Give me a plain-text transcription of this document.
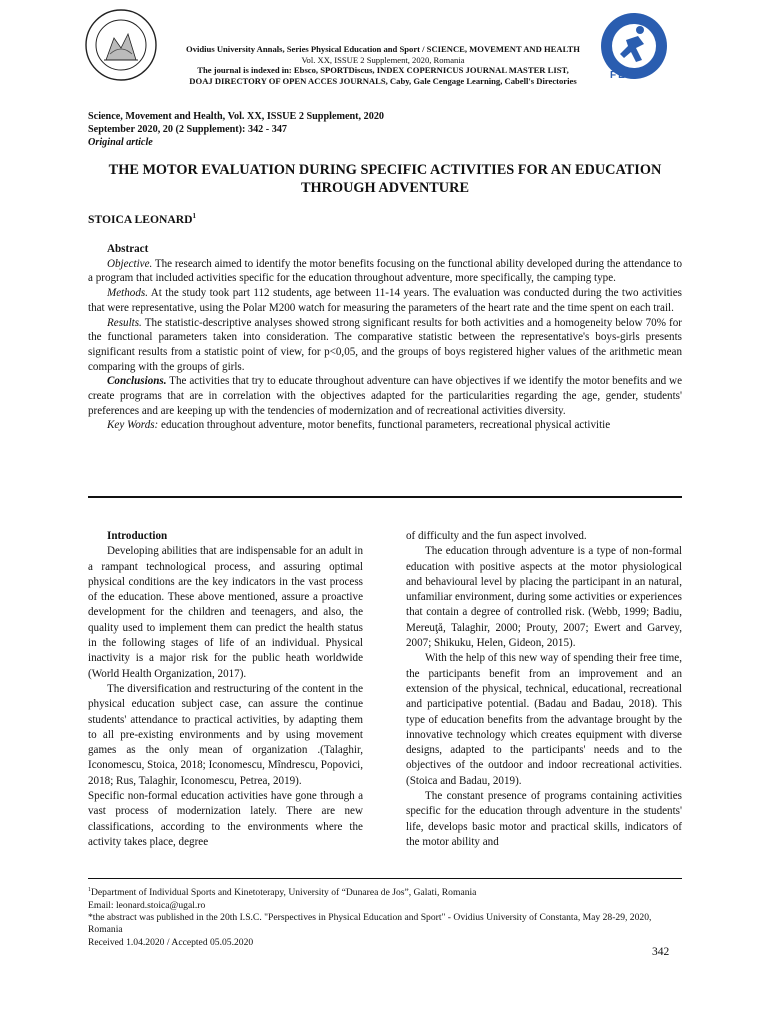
FEFS
Ovidius University Annals, Series Physical Education and Sport / SCIENCE, MOVEMENT AND HEALTH
Vol. XX, ISSUE 2 Supplement, 2020, Romania
The journal is indexed in: Ebsco, SPORTDiscus, INDEX COPERNICUS JOURNAL MASTER LIST,
DOAJ DIRECTORY OF OPEN ACCES JOURNALS, Caby, Gale Cengage Learning, Cabell's Directories
Science, Movement and Health, Vol. XX, ISSUE 2 Supplement, 2020
September 2020, 20 (2 Supplement): 342 - 347
Original article
THE MOTOR EVALUATION DURING SPECIFIC ACTIVITIES FOR AN EDUCATION
THROUGH ADVENTURE
STOICA LEONARD$^1$
Abstract

Objective. The research aimed to identify the motor benefits focusing on the functional ability developed during the attendance to a program that included activities specific for the education throughout adventure, more specifically, the camping type.

Methods. At the study took part 112 students, age between 11-14 years. The evaluation was conducted during the two activities that were representative, using the Polar M200 watch for measuring the parameters of the heart rate and the time spent on each trail.

Results. The statistic-descriptive analyses showed strong significant results for both activities and a homogeneity below 70% for the functional parameters taken into consideration. The comparative statistic between the representative's boys-girls presents significant results from a statistic point of view, for p<0,05, and the groups of boys registered higher values of the arithmetic mean comparing with the groups of girls.

Conclusions. The activities that try to educate throughout adventure can have objectives if we identify the motor benefits and we create programs that are in correlation with the objectives adapted for the particularities regarding the age, gender, students' preferences and are keeping up with the tendencies of modernization and of recreational activities diversity.

Key Words: education throughout adventure, motor benefits, functional parameters, recreational physical activitie

Introduction

Developing abilities that are indispensable for an adult in a rampant technological process, and assuring optimal physical conditions are the key indicators in the vast process of the education. These above mentioned, assure a proactive development for the children and teenagers, and also, the quality used to implement them can predict the health status in the following stages of life of an individual. Physical inactivity is a major risk for the public heath worldwide (World Health Organization, 2017).

The diversification and restructuring of the content in the physical education subject case, can assure the continue students' attendance to practical activities, by adapting them to all pre-existing environments and by using movement games as the only mean of organization .(Talaghir, Iconomescu, Stoica, 2018; Iconomescu, Mîndrescu, Popovici, 2018; Rus, Talaghir, Iconomescu, Petrea, 2019).

Specific non-formal education activities have gone through a vast process of modernization lately. There are new classifications, according to the environments where the activity takes place, degree

of difficulty and the fun aspect involved.

The education through adventure is a type of non-formal education with positive aspects at the motor physiological and behavioural level by placing the participant in an natural, unfamiliar environment, during some activities or experiences that contain a degree of controlled risk. (Webb, 1999; Badiu, Mereuţă, Talaghir, 2000; Prouty, 2007; Ewert and Garvey, 2007; Shikuku, Helen, Gideon, 2015).

With the help of this new way of spending their free time, the participants benefit from an improvement and an extension of the physical, technical, educational, recreational and participative potential. (Badau and Badau, 2018). This type of education benefits from the advantage brought by the innovative technology which creates equipment with diverse designs, adapted to the participants' needs and to the objectives of the outdoor and indoor recreational activities. (Stoica and Badau, 2019).

The constant presence of programs containing activities specific for the education through adventure in the students' life, develops basic motor and practical skills, indicators of the motor ability and

$^1$Department of Individual Sports and Kinetoterapy, University of “Dunarea de Jos”, Galati, Romania
Email: leonard.stoica@ugal.ro
*the abstract was published in the 20th I.S.C. "Perspectives in Physical Education and Sport" - Ovidius University of Constanta, May 28-29, 2020, Romania
Received 1.04.2020 / Accepted 05.05.2020
342
